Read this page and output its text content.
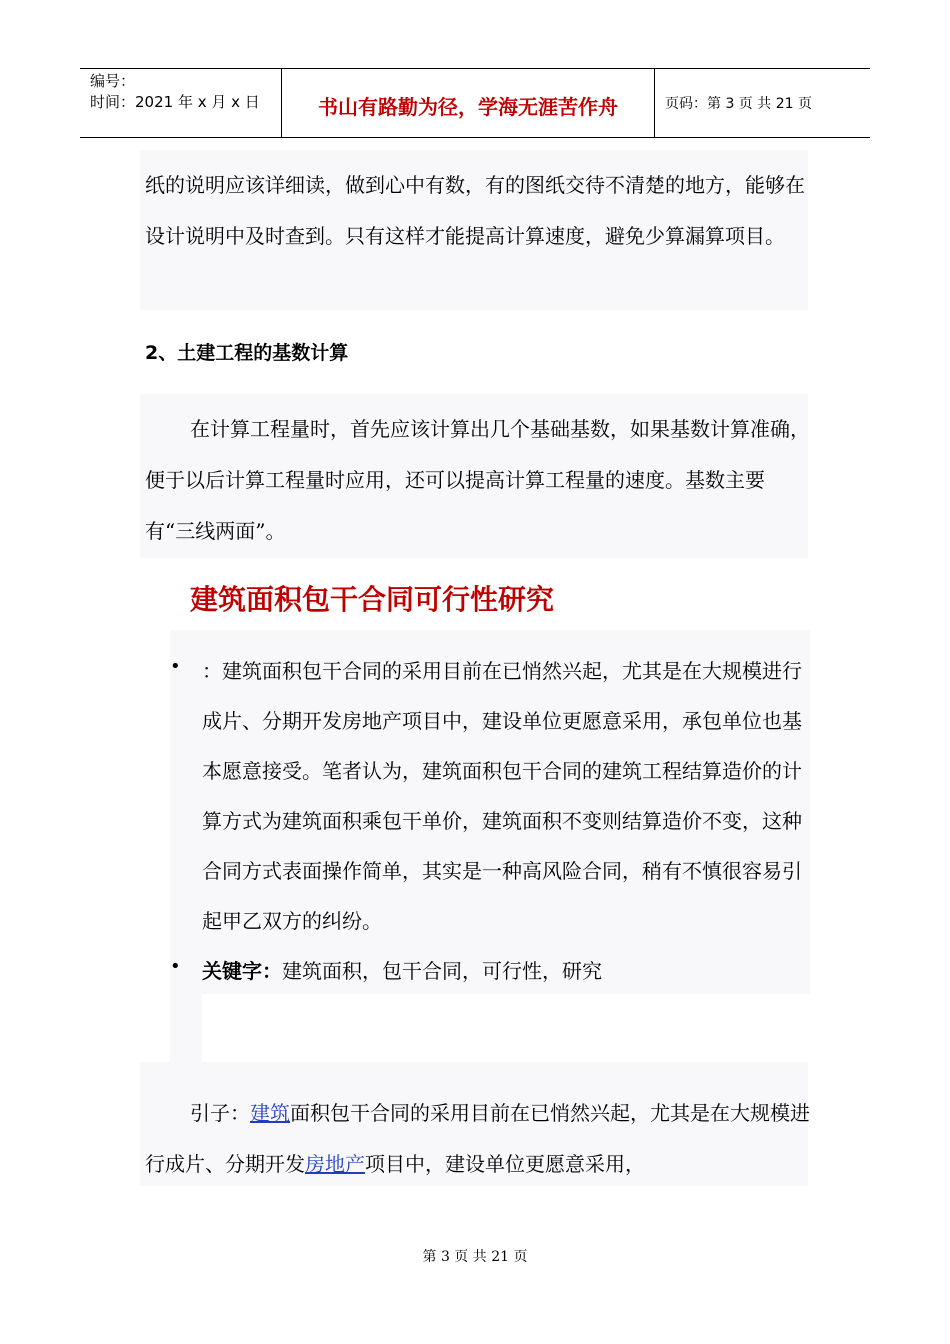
编号：
时间：2021 年 x 月 x 日	书山有路勤为径，学海无涯苦作舟	页码：第 3 页 共 21 页
纸的说明应该详细读，做到心中有数，有的图纸交待不清楚的地方，能够在设计说明中及时查到。只有这样才能提高计算速度，避免少算漏算项目。
2、土建工程的基数计算
在计算工程量时，首先应该计算出几个基础基数，如果基数计算准确，便于以后计算工程量时应用，还可以提高计算工程量的速度。基数主要有“三线两面”。
建筑面积包干合同可行性研究
•	：建筑面积包干合同的采用目前在已悄然兴起，尤其是在大规模进行成片、分期开发房地产项目中，建设单位更愿意采用，承包单位也基本愿意接受。笔者认为，建筑面积包干合同的建筑工程结算造价的计算方式为建筑面积乘包干单价，建筑面积不变则结算造价不变，这种合同方式表面操作简单，其实是一种高风险合同，稍有不慎很容易引起甲乙双方的纠纷。
•	关键字：建筑面积，包干合同，可行性，研究
引子：建筑面积包干合同的采用目前在已悄然兴起，尤其是在大规模进行成片、分期开发房地产项目中，建设单位更愿意采用，
第 3 页 共 21 页
